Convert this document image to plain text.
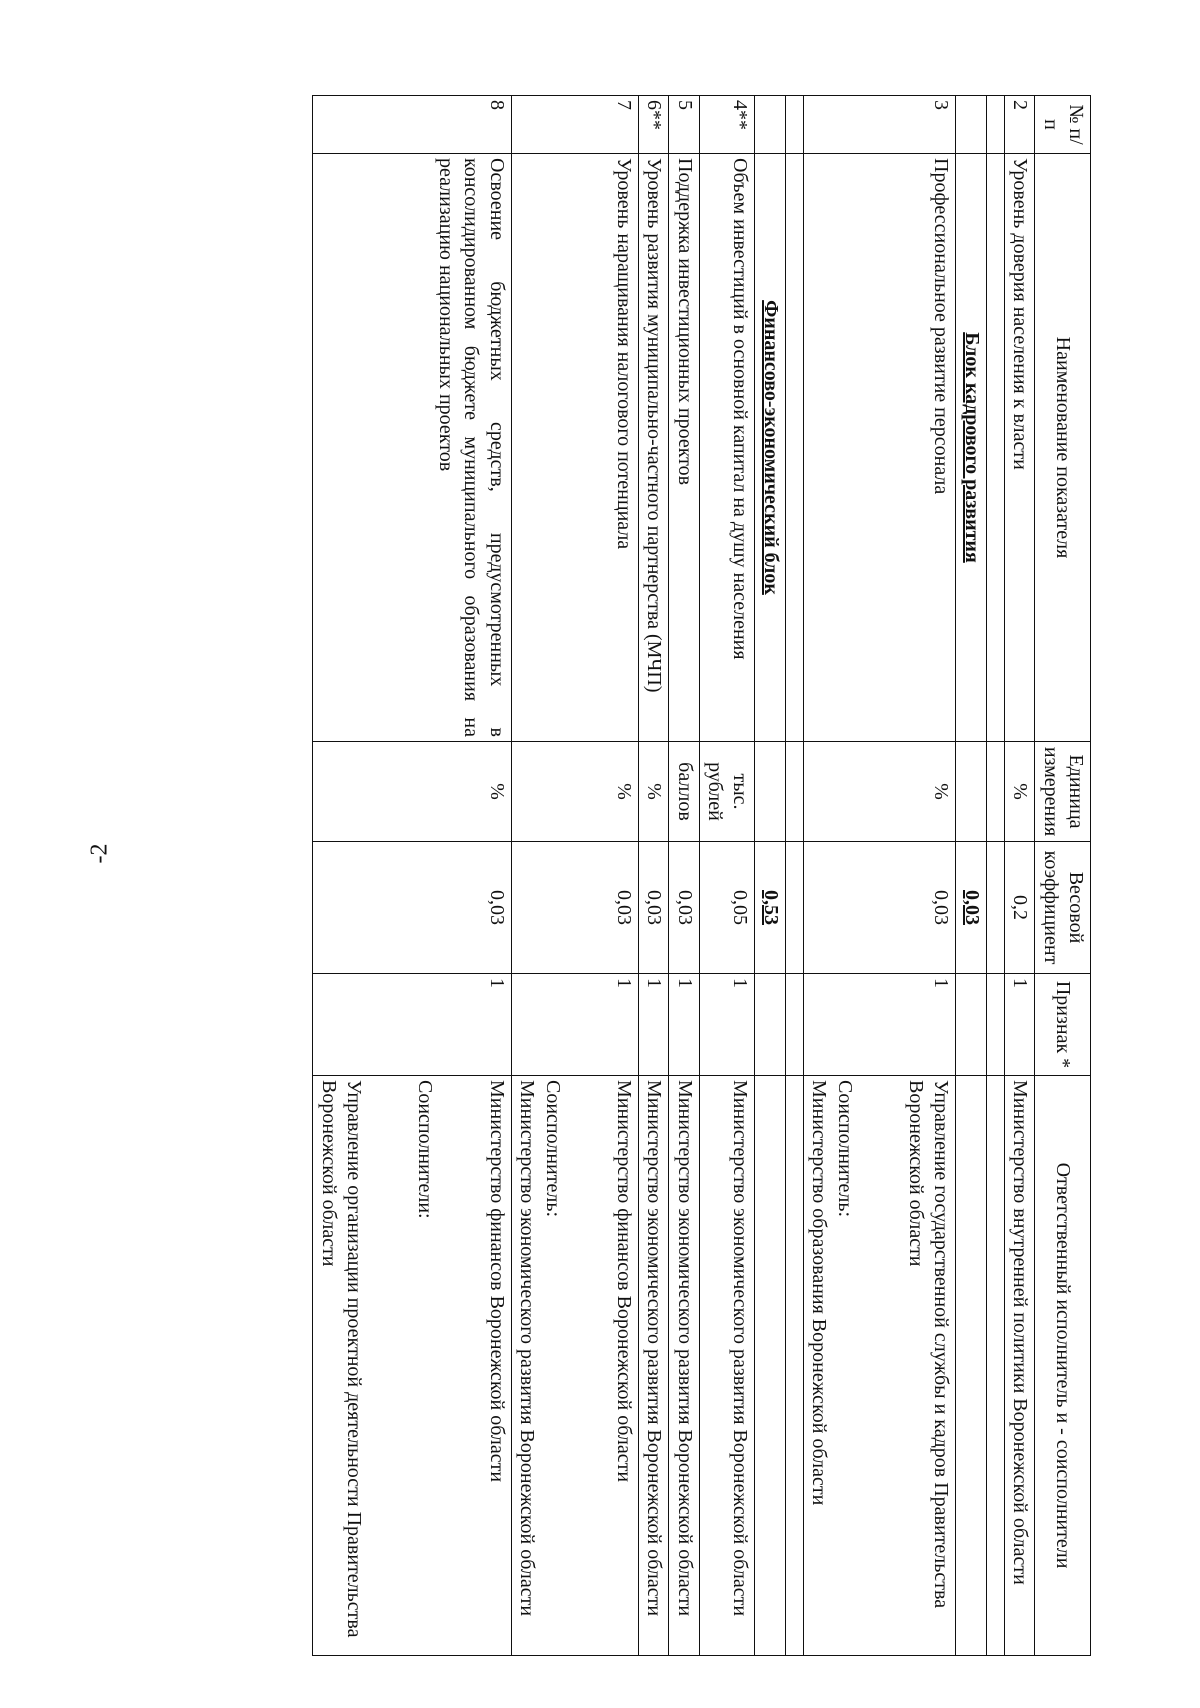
-2
№ п/п	Наименование показателя	Единица измерения	Весовой коэффициент	Признак *	Ответственный исполнитель и - соисполнители
2	Уровень доверия населения к власти	%	0,2	1	Министерство внутренней политики Воронежской области

	Блок кадрового развития		0,03		
3	Профессиональное развитие персонала	%	0,03	1	Управление государственной службы и кадров Правительства Воронежской области
Соисполнитель:
Министерство образования Воронежской области

	Финансово-экономический блок		0,53		
4**	Объем инвестиций в основной капитал на душу населения	тыс. рублей	0,05	1	Министерство экономического развития Воронежской области
5	Поддержка инвестиционных проектов	баллов	0,03	1	Министерство экономического развития Воронежской области
6**	Уровень развития муниципально-частного партнерства (МЧП)	%	0,03	1	Министерство экономического развития Воронежской области
7	Уровень наращивания налогового потенциала	%	0,03	1	Министерство финансов Воронежской области
Соисполнитель:
Министерство экономического развития Воронежской области
8	Освоение бюджетных средств, предусмотренных в консолидированном бюджете муниципального образования на реализацию национальных проектов	%	0,03	1	Министерство финансов Воронежской области
Соисполнители:
Управление организации проектной деятельности Правительства Воронежской области
